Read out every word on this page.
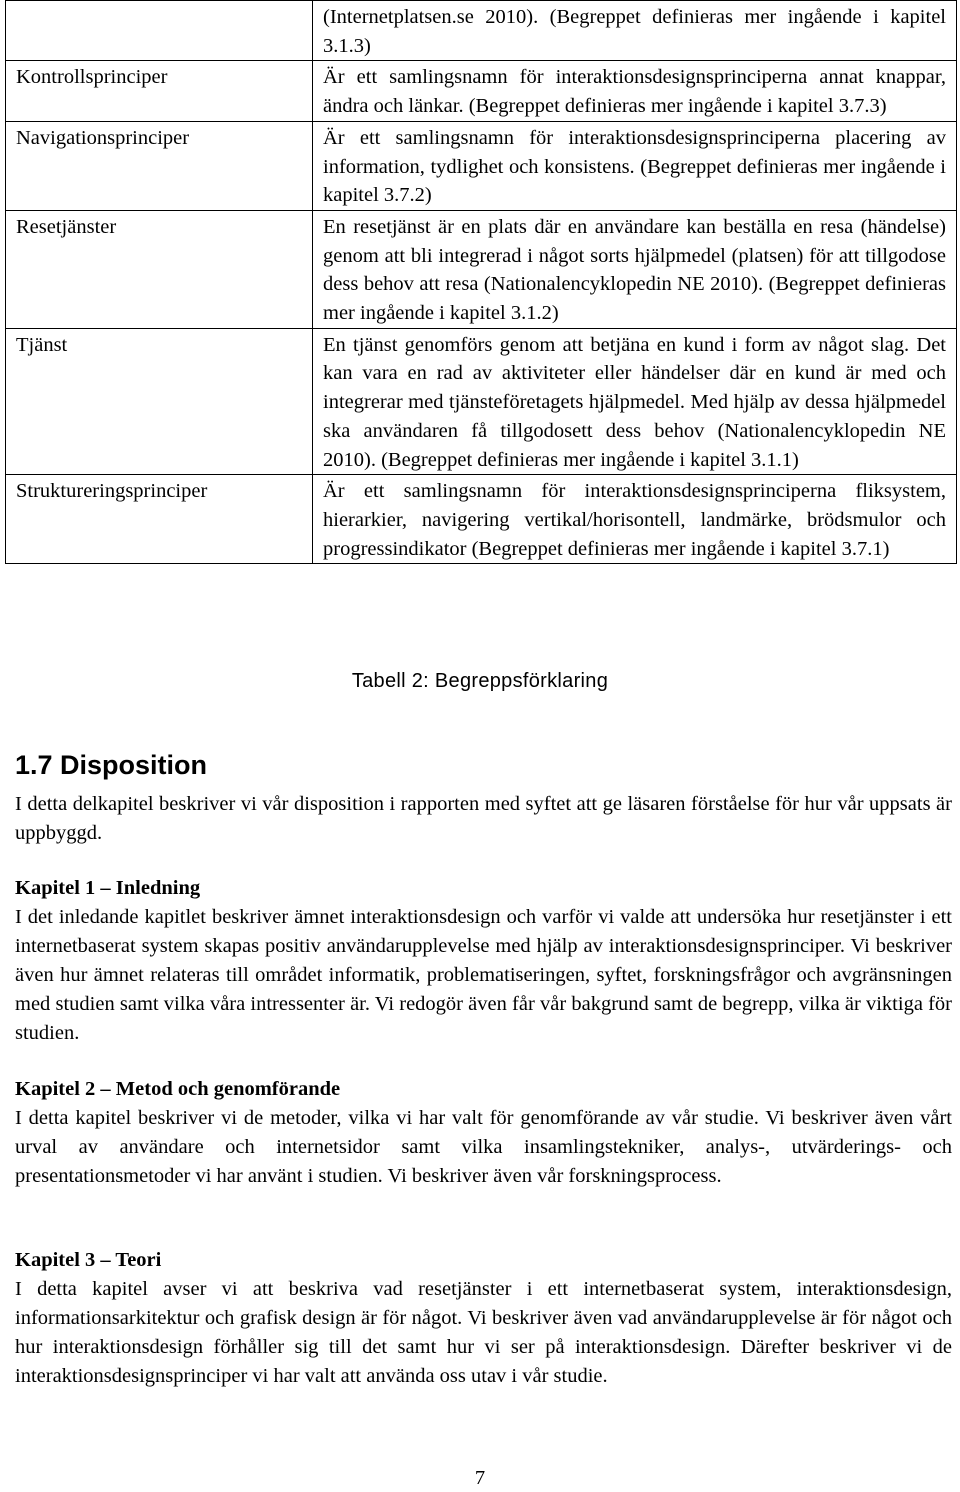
	(Internetplatsen.se 2010). (Begreppet definieras mer ingående i kapitel 3.1.3)
Kontrollsprinciper	Är ett samlingsnamn för interaktionsdesignsprinciperna annat knappar, ändra och länkar. (Begreppet definieras mer ingående i kapitel 3.7.3)
Navigationsprinciper	Är ett samlingsnamn för interaktionsdesignsprinciperna placering av information, tydlighet och konsistens. (Begreppet definieras mer ingående i kapitel 3.7.2)
Resetjänster	En resetjänst är en plats där en användare kan beställa en resa (händelse) genom att bli integrerad i något sorts hjälpmedel (platsen) för att tillgodose dess behov att resa (Nationalencyklopedin NE 2010). (Begreppet definieras mer ingående i kapitel 3.1.2)
Tjänst	En tjänst genomförs genom att betjäna en kund i form av något slag. Det kan vara en rad av aktiviteter eller händelser där en kund är med och integrerar med tjänsteföretagets hjälpmedel. Med hjälp av dessa hjälpmedel ska användaren få tillgodosett dess behov (Nationalencyklopedin NE 2010). (Begreppet definieras mer ingående i kapitel 3.1.1)
Struktureringsprinciper	Är ett samlingsnamn för interaktionsdesignsprinciperna fliksystem, hierarkier, navigering vertikal/horisontell, landmärke, brödsmulor och progressindikator (Begreppet definieras mer ingående i kapitel 3.7.1)
Tabell 2: Begreppsförklaring
1.7 Disposition

I detta delkapitel beskriver vi vår disposition i rapporten med syftet att ge läsaren förståelse för hur vår uppsats är uppbyggd.

Kapitel 1 – Inledning
I det inledande kapitlet beskriver ämnet interaktionsdesign och varför vi valde att undersöka hur resetjänster i ett internetbaserat system skapas positiv användarupplevelse med hjälp av interaktionsdesignsprinciper. Vi beskriver även hur ämnet relateras till området informatik, problematiseringen, syftet, forskningsfrågor och avgränsningen med studien samt vilka våra intressenter är. Vi redogör även får vår bakgrund samt de begrepp, vilka är viktiga för studien.
Kapitel 2 – Metod och genomförande
I detta kapitel beskriver vi de metoder, vilka vi har valt för genomförande av vår studie. Vi beskriver även vårt urval av användare och internetsidor samt vilka insamlingstekniker, analys-, utvärderings- och presentationsmetoder vi har använt i studien. Vi beskriver även vår forskningsprocess.
Kapitel 3 – Teori
I detta kapitel avser vi att beskriva vad resetjänster i ett internetbaserat system, interaktionsdesign, informationsarkitektur och grafisk design är för något. Vi beskriver även vad användarupplevelse är för något och hur interaktionsdesign förhåller sig till det samt hur vi ser på interaktionsdesign. Därefter beskriver vi de interaktionsdesignsprinciper vi har valt att använda oss utav i vår studie.
7
